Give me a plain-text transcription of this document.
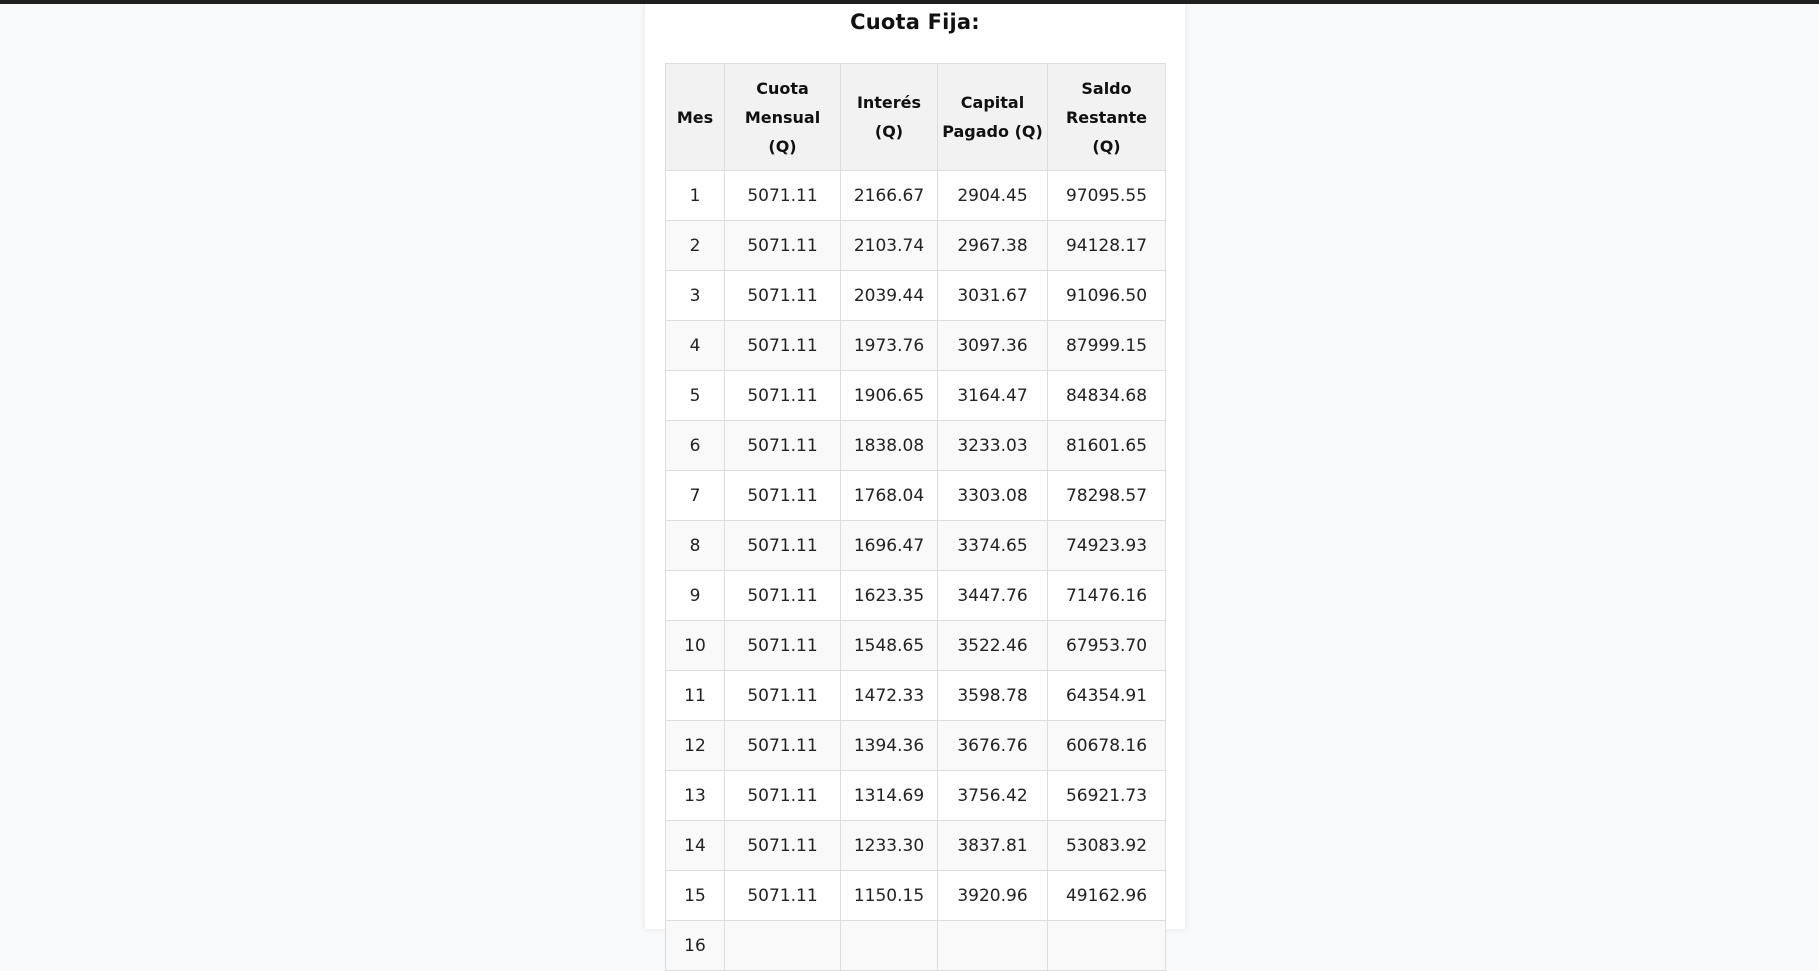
Cuota Fija:
Mes	Cuota Mensual (Q)	Interés (Q)	Capital Pagado (Q)	Saldo Restante (Q)
1	5071.11	2166.67	2904.45	97095.55
2	5071.11	2103.74	2967.38	94128.17
3	5071.11	2039.44	3031.67	91096.50
4	5071.11	1973.76	3097.36	87999.15
5	5071.11	1906.65	3164.47	84834.68
6	5071.11	1838.08	3233.03	81601.65
7	5071.11	1768.04	3303.08	78298.57
8	5071.11	1696.47	3374.65	74923.93
9	5071.11	1623.35	3447.76	71476.16
10	5071.11	1548.65	3522.46	67953.70
11	5071.11	1472.33	3598.78	64354.91
12	5071.11	1394.36	3676.76	60678.16
13	5071.11	1314.69	3756.42	56921.73
14	5071.11	1233.30	3837.81	53083.92
15	5071.11	1150.15	3920.96	49162.96
16				
